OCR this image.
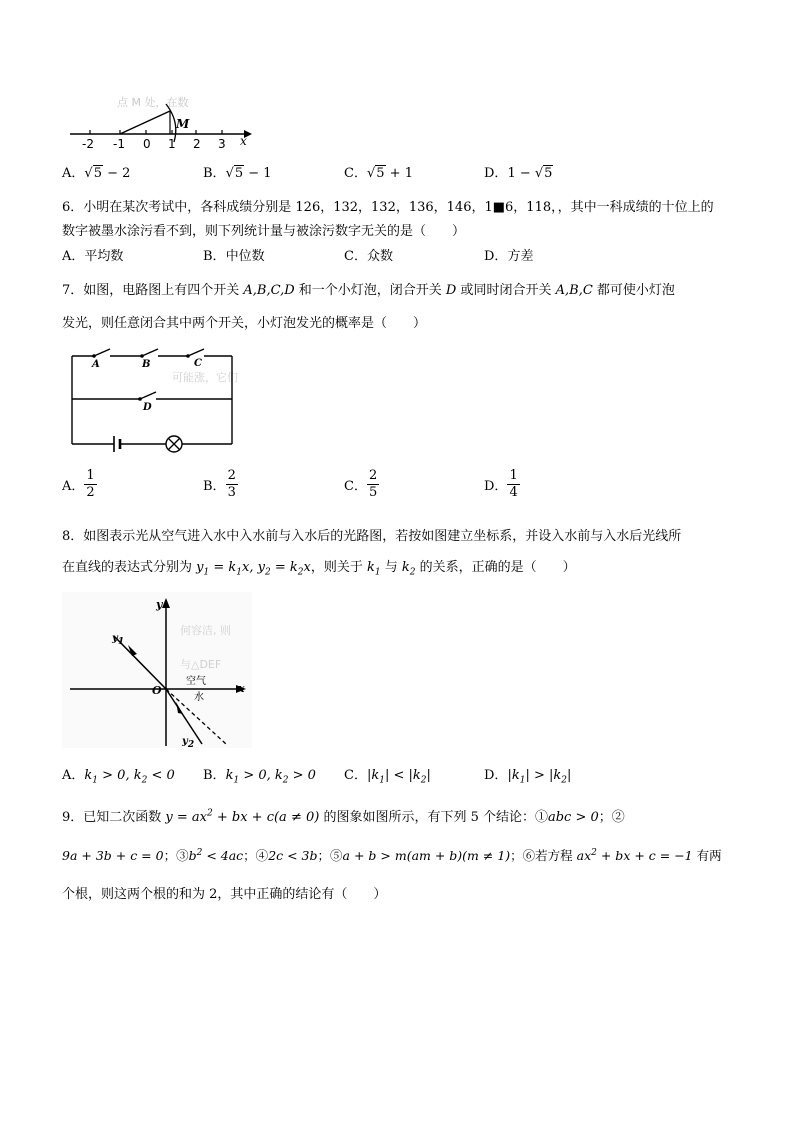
点 M 处，在数
-2 -1 0 1 2 3 x
M
A．√5 − 2	B．√5 − 1	C．√5 + 1	D．1 − √5
6．小明在某次考试中，各科成绩分别是 126，132，132，136，146，1■6，118，，其中一科成绩的十位上的
数字被墨水涂污看不到，则下列统计量与被涂污数字无关的是（　　）
A．平均数	B．中位数	C．众数	D．方差
7．如图，电路图上有四个开关 A,B,C,D 和一个小灯泡，闭合开关 D 或同时闭合开关 A,B,C 都可使小灯泡
发光，则任意闭合其中两个开关，小灯泡发光的概率是（　　）
可能涨，它们
A	B	C
D
A． $\frac{1}{2}$	B． $\frac{2}{3}$	C． $\frac{2}{5}$	D． $\frac{1}{4}$
8．如图表示光从空气进入水中入水前与入水后的光路图，若按如图建立坐标系，并设入水前与入水后光线所
在直线的表达式分别为 $y_1 = k_1x$, $y_2 = k_2x$，则关于 $k_1$ 与 $k_2$ 的关系，正确的是（　　）
何容洁, 则
与△DEF
y
x
O
空气
水
$y_1$
$y_2$
A．$k_1 > 0$, $k_2 < 0$ B．$k_1 > 0$, $k_2 > 0$ C．$|k_1| < |k_2|$	D．$|k_1| > |k_2|$
9．已知二次函数 $y = ax^2$ + bx + c(a ≠ 0) 的图象如图所示，有下列 5 个结论：①abc > 0；②
9a + 3b + c = 0；$③b^2 < 4ac$；④2c < 3b；⑤a + b > m(am + b)(m ≠ 1)；⑥若方程 $ax^2$ + bx + c = −1 有两
个根，则这两个根的和为 2，其中正确的结论有（　　）
